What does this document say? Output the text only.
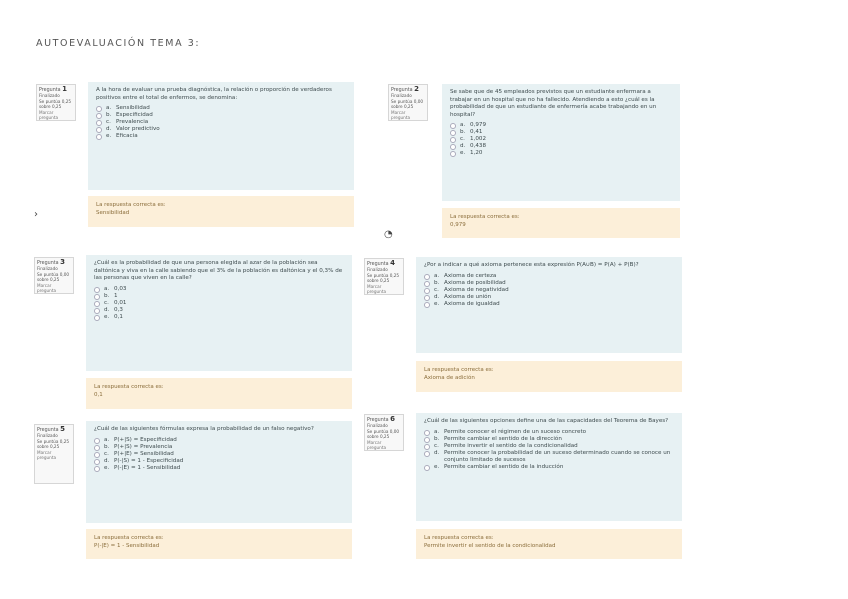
AUTOEVALUACIÓN TEMA 3:
›
◔
Pregunta 1
Finalizado
Se puntúa 0,25 sobre 0,25
Marcar pregunta
A la hora de evaluar una prueba diagnóstica, la relación o proporción de verdaderos positivos entre el total de enfermos, se denomina:
a. Sensibilidad
b. Especificidad
c. Prevalencia
d. Valor predictivo
e. Eficacia
La respuesta correcta es:
Sensibilidad
Pregunta 2
Finalizado
Se puntúa 0,00 sobre 0,25
Marcar pregunta
Se sabe que de 45 empleados previstos que un estudiante enfermara a trabajar en un hospital que no ha fallecido. Atendiendo a esto ¿cuál es la probabilidad de que un estudiante de enfermería acabe trabajando en un hospital?
a. 0,979
b. 0,41
c. 1,002
d. 0,438
e. 1,20
La respuesta correcta es:
0,979
Pregunta 3
Finalizado
Se puntúa 0,00 sobre 0,25
Marcar pregunta
¿Cuál es la probabilidad de que una persona elegida al azar de la población sea daltónica y viva en la calle sabiendo que el 3% de la población es daltónica y el 0,3% de las personas que viven en la calle?
a. 0,03
b. 1
c. 0,01
d. 0,3
e. 0,1
La respuesta correcta es:
0,1
Pregunta 4
Finalizado
Se puntúa 0,25 sobre 0,25
Marcar pregunta
¿Por a indicar a qué axioma pertenece esta expresión P(A∪B) = P(A) + P(B)?
a. Axioma de certeza
b. Axioma de posibilidad
c. Axioma de negatividad
d. Axioma de unión
e. Axioma de igualdad
La respuesta correcta es:
Axioma de adición
Pregunta 5
Finalizado
Se puntúa 0,25 sobre 0,25
Marcar pregunta
¿Cuál de las siguientes fórmulas expresa la probabilidad de un falso negativo?
a. P(+|S) = Especificidad
b. P(+|S) = Prevalencia
c. P(+|E) = Sensibilidad
d. P(-|S) = 1 - Especificidad
e. P(-|E) = 1 - Sensibilidad
La respuesta correcta es:
P(-|E) = 1 - Sensibilidad
Pregunta 6
Finalizado
Se puntúa 0,00 sobre 0,25
Marcar pregunta
¿Cuál de las siguientes opciones define una de las capacidades del Teorema de Bayes?
a. Permite conocer el régimen de un suceso concreto
b. Permite cambiar el sentido de la dirección
c. Permite invertir el sentido de la condicionalidad
d. Permite conocer la probabilidad de un suceso determinado cuando se conoce un conjunto limitado de sucesos
e. Permite cambiar el sentido de la inducción
La respuesta correcta es:
Permite invertir el sentido de la condicionalidad
